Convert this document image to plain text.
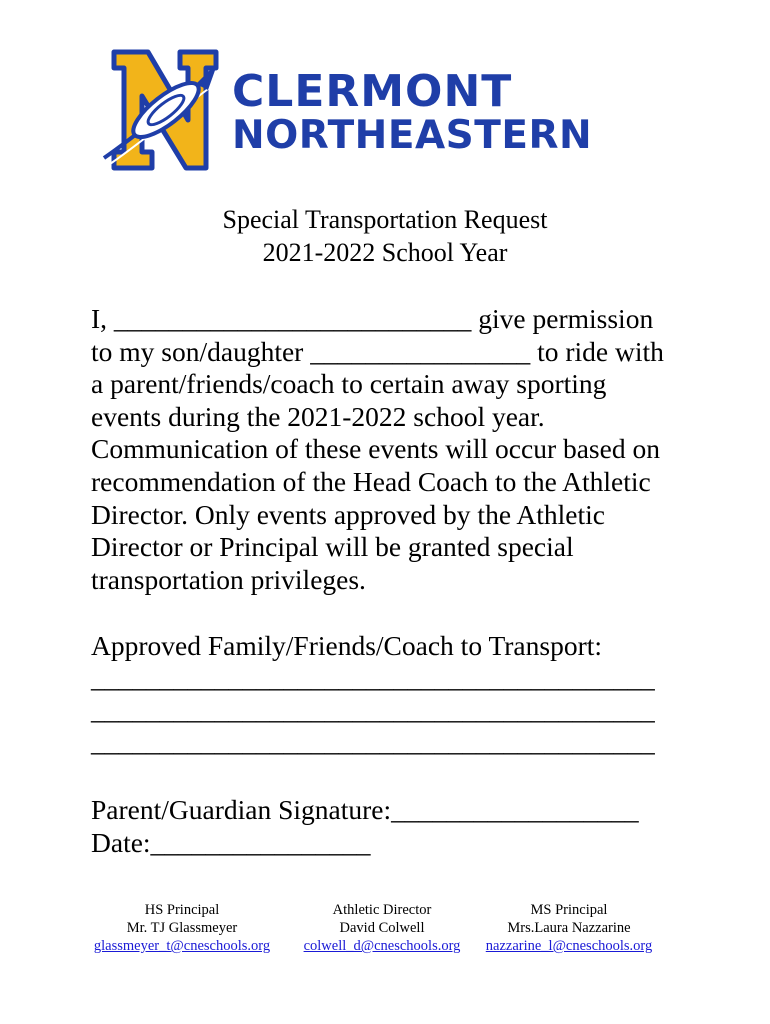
CLERMONT
NORTHEASTERN
Special Transportation Request
2021-2022 School Year

I, __________________________ give permission
to my son/daughter ________________ to ride with
a parent/friends/coach to certain away sporting
events during the 2021-2022 school year.
Communication of these events will occur based on
recommendation of the Head Coach to the Athletic
Director. Only events approved by the Athletic
Director or Principal will be granted special
transportation privileges.

Approved Family/Friends/Coach to Transport:
_________________________________________
_________________________________________
_________________________________________

Parent/Guardian Signature:__________________
Date:________________

HS Principal
Mr. TJ Glassmeyer
glassmeyer_t@cneschools.org
Athletic Director
David Colwell
colwell_d@cneschools.org
MS Principal
Mrs.Laura Nazzarine
nazzarine_l@cneschools.org
